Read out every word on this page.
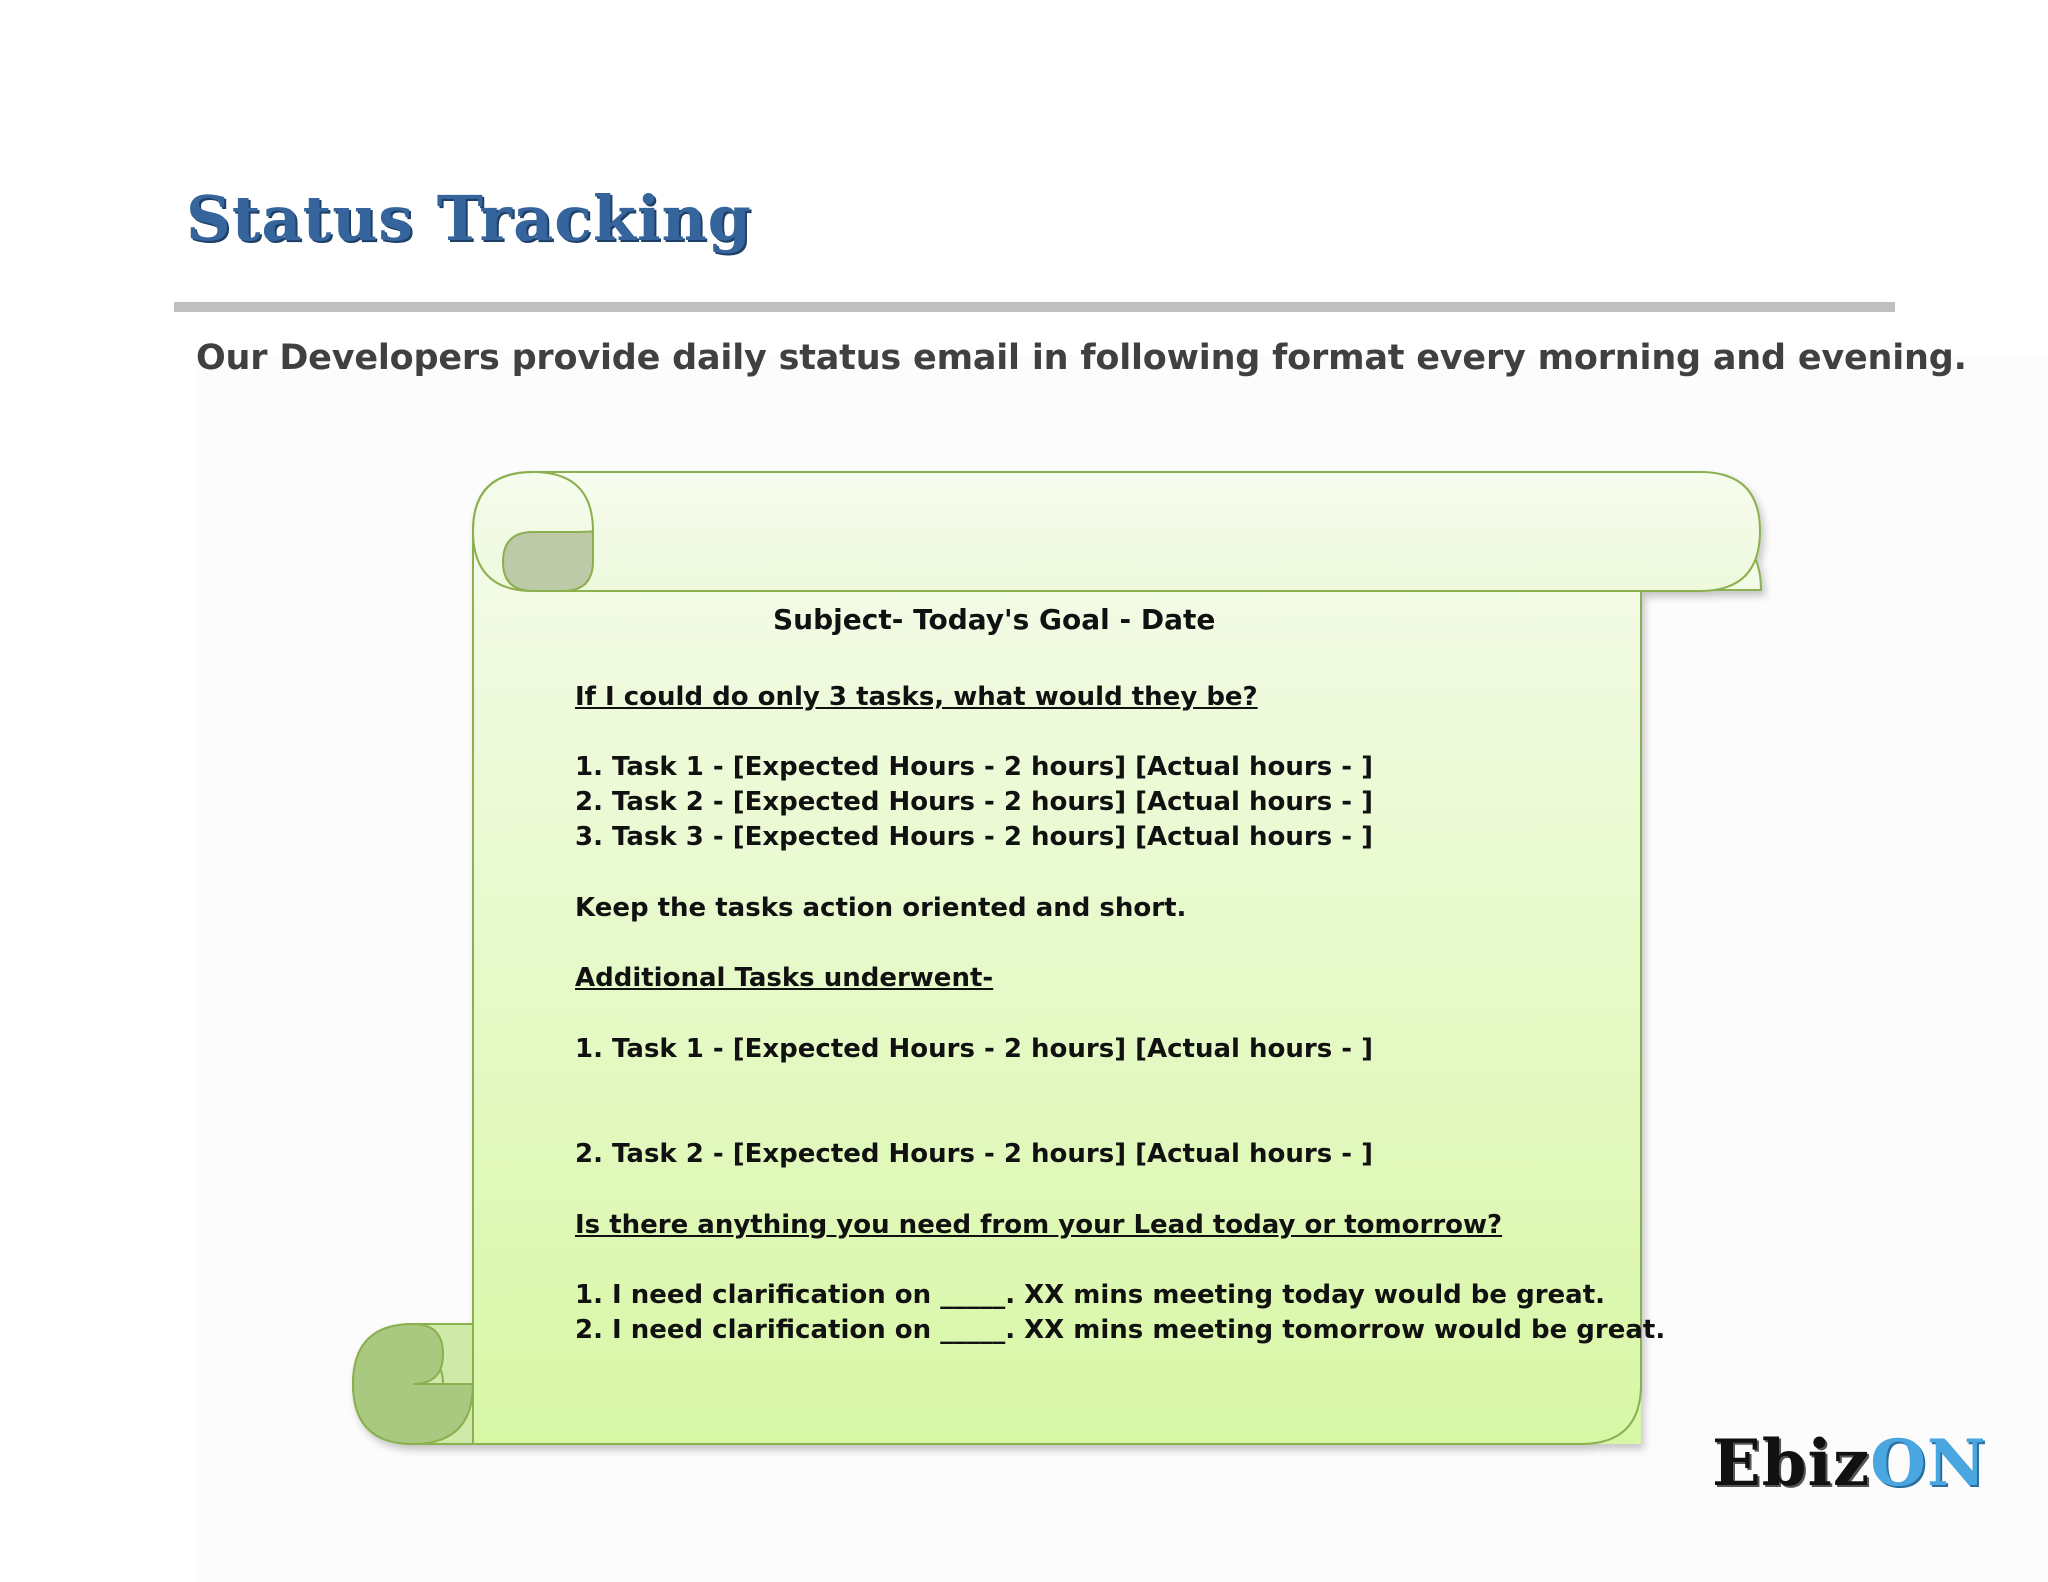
Status Tracking
Our Developers provide daily status email in following format every morning and evening.
Subject- Today's Goal - Date
If I could do only 3 tasks, what would they be?
1. Task 1 - [Expected Hours - 2 hours] [Actual hours - ]
2. Task 2 - [Expected Hours - 2 hours] [Actual hours - ]
3. Task 3 - [Expected Hours - 2 hours] [Actual hours - ]
Keep the tasks action oriented and short.
Additional Tasks underwent-
1. Task 1 - [Expected Hours - 2 hours] [Actual hours - ]
2. Task 2 - [Expected Hours - 2 hours] [Actual hours - ]
Is there anything you need from your Lead today or tomorrow?
1. I need clarification on _____. XX mins meeting today would be great.
2. I need clarification on _____. XX mins meeting tomorrow would be great.
EbizON
